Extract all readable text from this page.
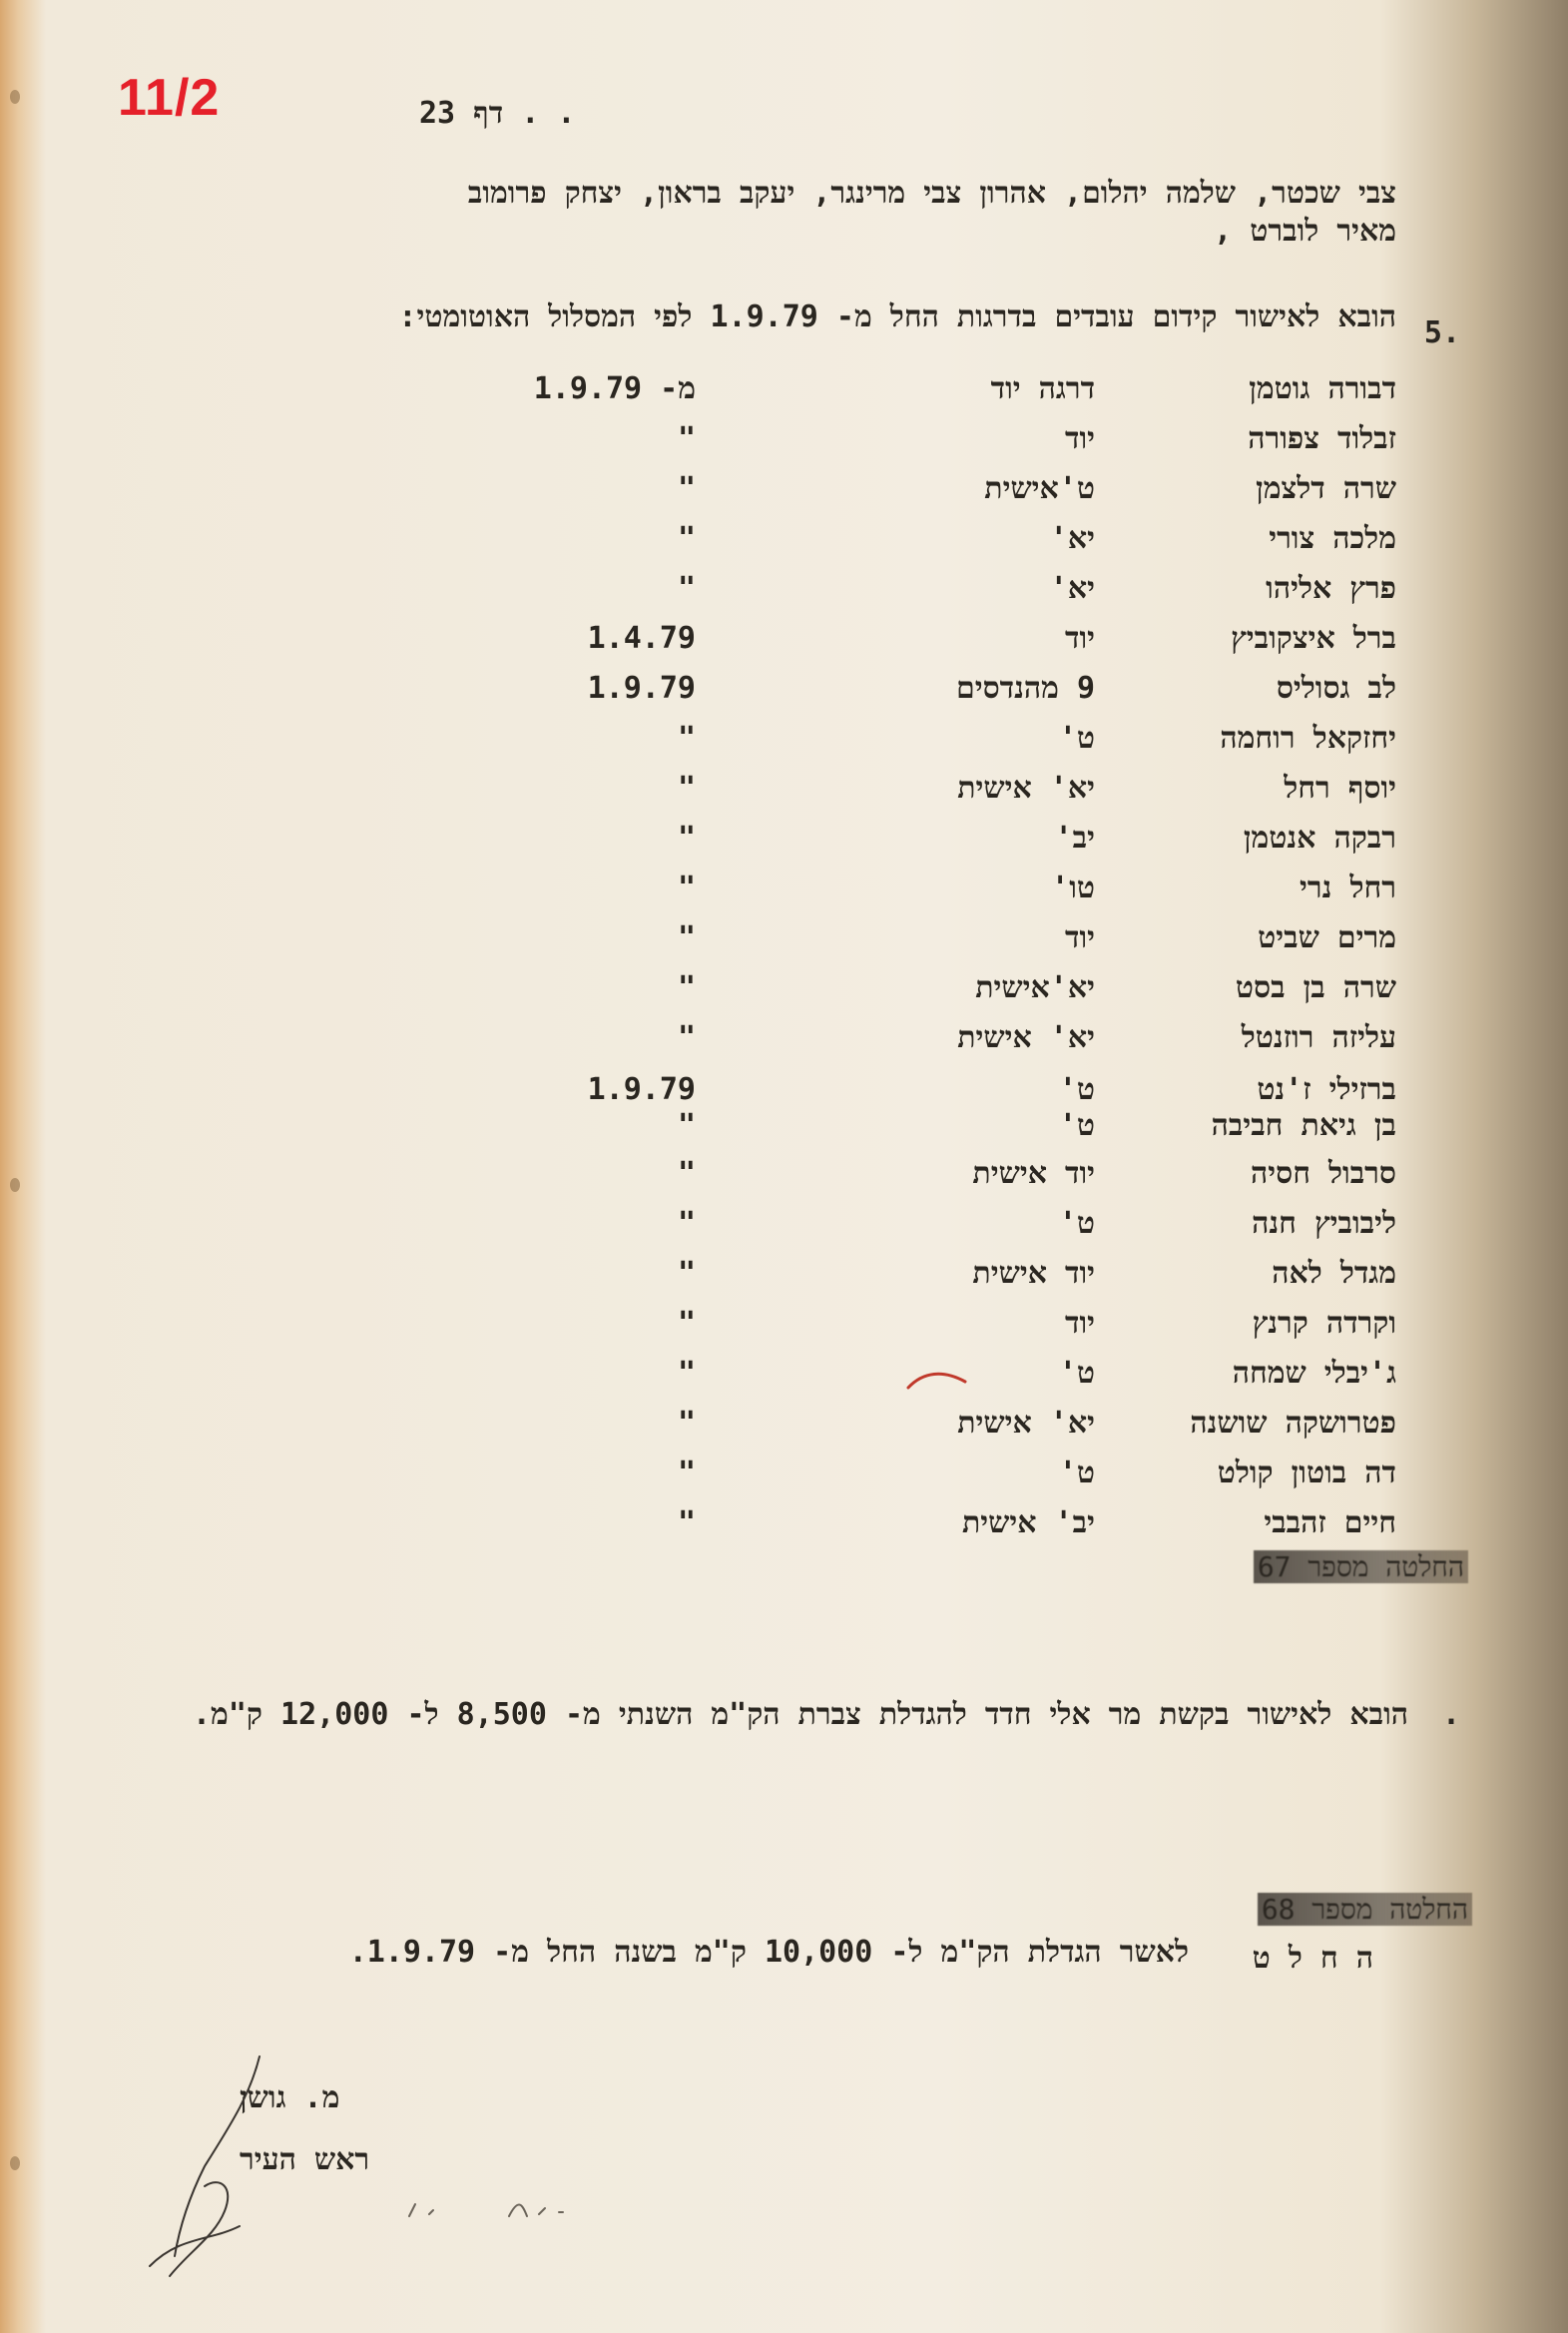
11/2	. . דף 23
צבי שכטר, שלמה יהלום, אהרון צבי מרינגר, יעקב בראון, יצחק פרומוב
מאיר לוברט ,
.5
הובא לאישור קידום עובדים בדרגות החל מ- 1.9.79 לפי המסלול האוטומטי:
דבורה גוטמן
דרגה יוד
מ- 1.9.79
זבלוד צפורה
יוד
"
שרה דלצמן
ט'אישית
"
מלכה צורי
יא'
"
פרץ אליהו
יא'
"
ברל איצקוביץ
יוד
1.4.79
לב גסוליס
9 מהנדסים
1.9.79
יחזקאל רוחמה
ט'
"
יוסף רחל
יא' אישית
"
רבקה אנטמן
יב'
"
רחל נרי
טו'
"
מרים שביט
יוד
"
שרה בן בסט
יא'אישית
"
עליזה רוזנטל
יא' אישית
"
ברזילי ז'נט
ט'
1.9.79
בן גיאת חביבה
ט'
"
סרבול חסיה
יוד אישית
"
ליבוביץ חנה
ט'
"
מגדל לאה
יוד אישית
"
וקרדה קרנץ
יוד
"
ג'יבלי שמחה
ט'
"
פטרושקה שושנה
יא' אישית
"
דה בוטון קולט
ט'
"
חיים זהבבי
יב' אישית
"
החלטה מספר 67
.
הובא לאישור בקשת מר אלי חדד להגדלת צברת הק"מ השנתי מ- 8,500 ל- 12,000 ק"מ.
החלטה מספר 68
ה ח ל ט
לאשר הגדלת הק"מ ל- 10,000 ק"מ בשנה החל מ- 1.9.79.
מ. גושן
ראש העיר
